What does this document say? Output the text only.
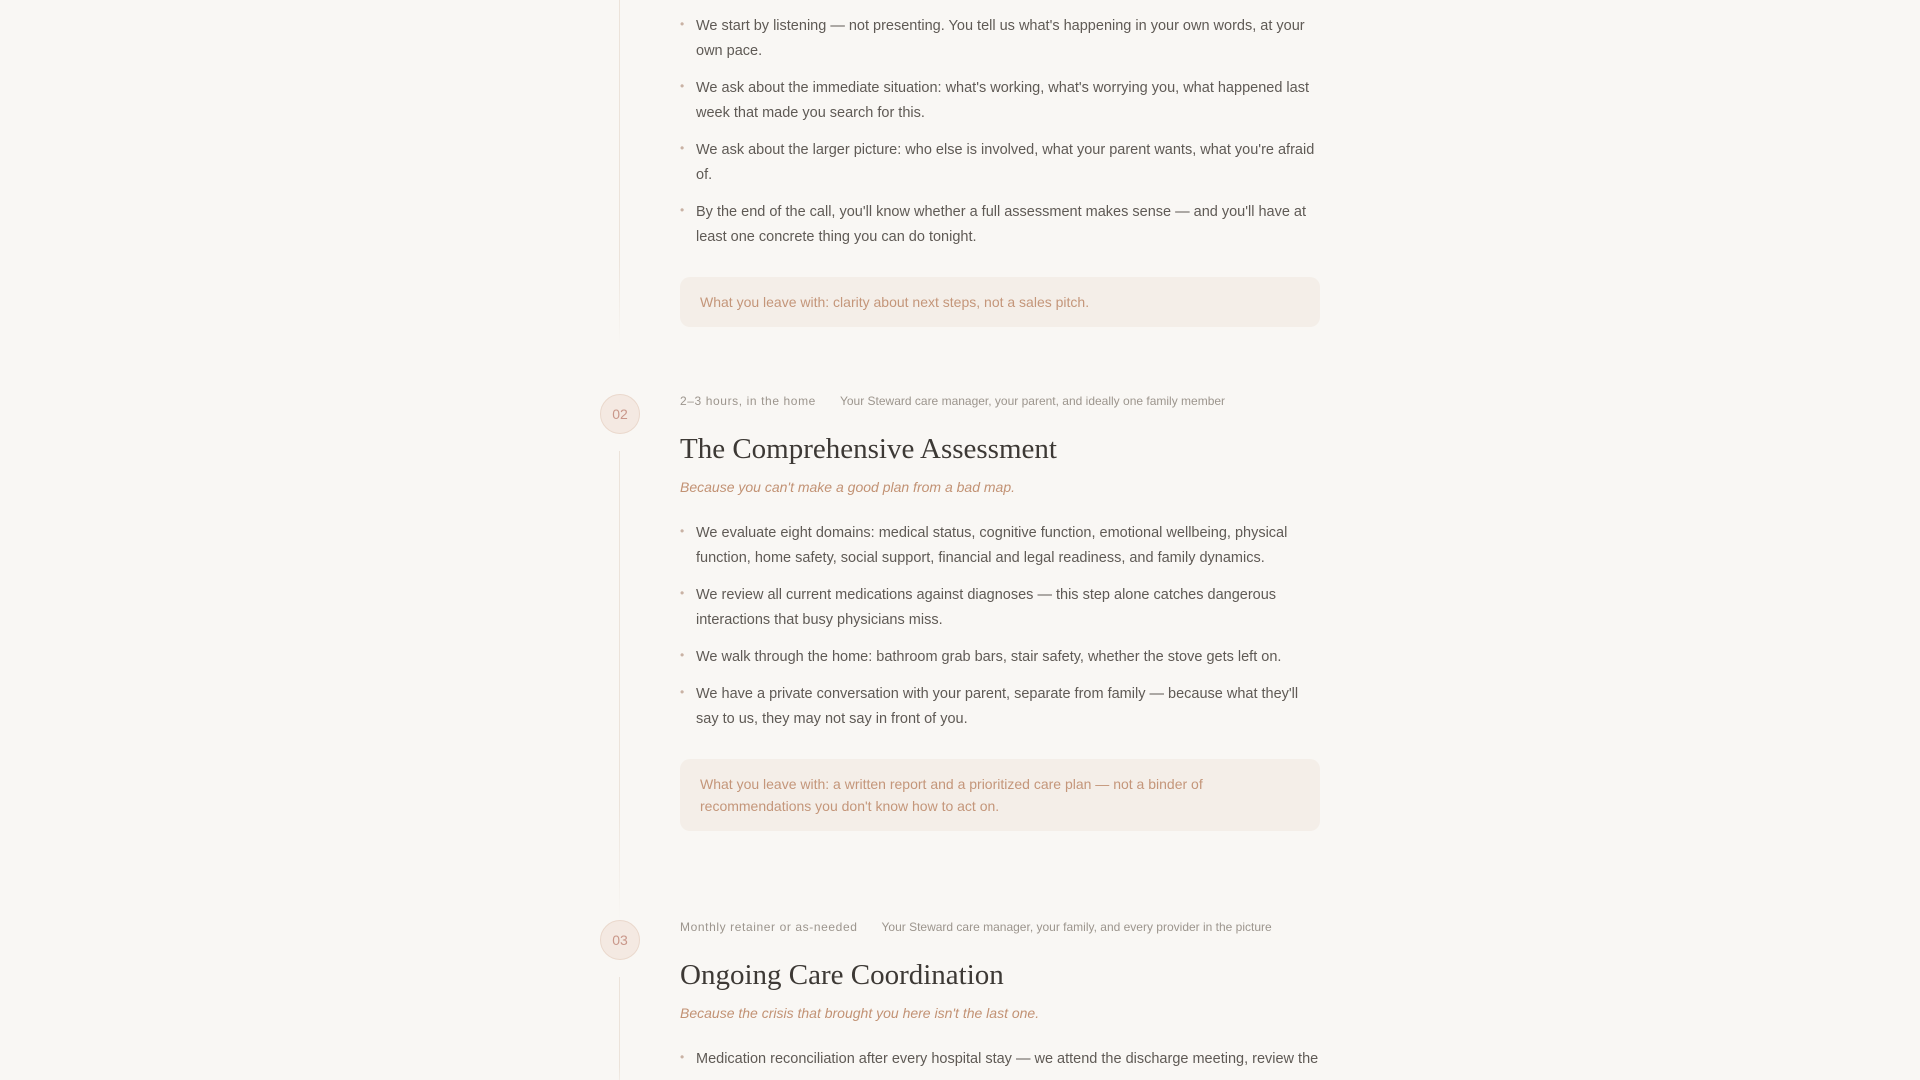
• We start by listening — not presenting. You tell us what's happening in your own words, at your own pace.
• We ask about the immediate situation: what's working, what's worrying you, what happened last week that made you search for this.
• We ask about the larger picture: who else is involved, what your parent wants, what you're afraid of.
• By the end of the call, you'll know whether a full assessment makes sense — and you'll have at least one concrete thing you can do tonight.
What you leave with: clarity about next steps, not a sales pitch.
02
2–3 hours, in the home Your Steward care manager, your parent, and ideally one family member
The Comprehensive Assessment
Because you can't make a good plan from a bad map.
• We evaluate eight domains: medical status, cognitive function, emotional wellbeing, physical function, home safety, social support, financial and legal readiness, and family dynamics.
• We review all current medications against diagnoses — this step alone catches dangerous interactions that busy physicians miss.
• We walk through the home: bathroom grab bars, stair safety, whether the stove gets left on.
• We have a private conversation with your parent, separate from family — because what they'll say to us, they may not say in front of you.
What you leave with: a written report and a prioritized care plan — not a binder of recommendations you don't know how to act on.
03
Monthly retainer or as-needed Your Steward care manager, your family, and every provider in the picture
Ongoing Care Coordination
Because the crisis that brought you here isn't the last one.
• Medication reconciliation after every hospital stay — we attend the discharge meeting, review the
